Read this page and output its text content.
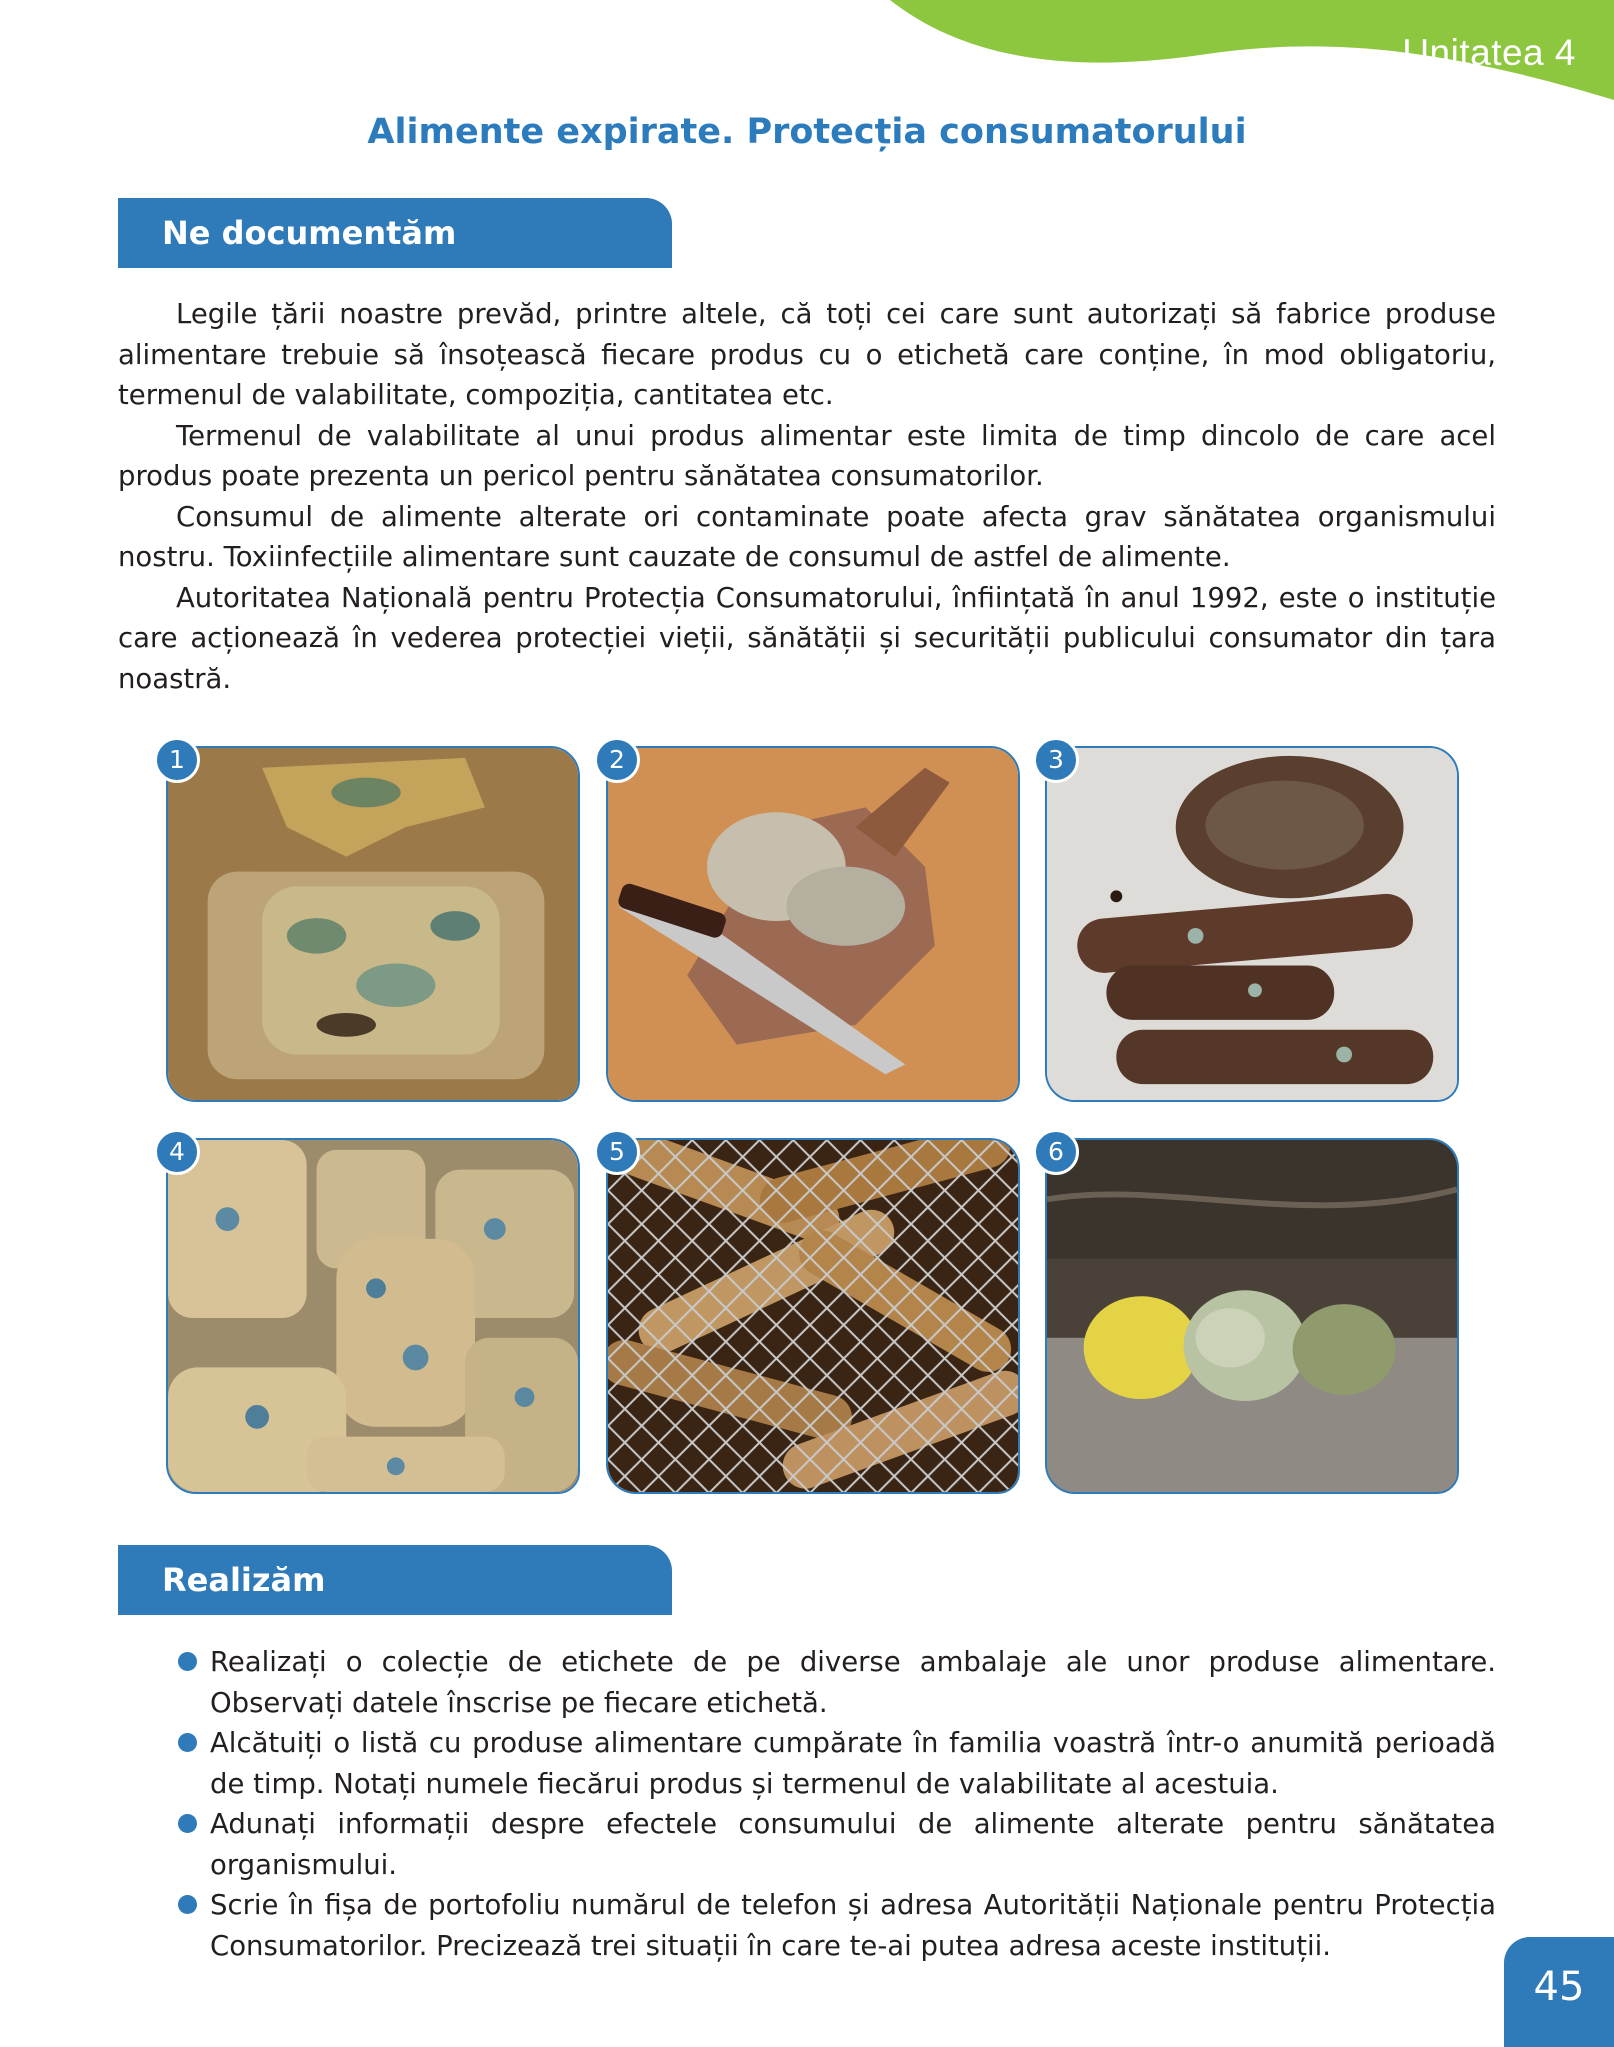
Unitatea 4
Alimente expirate. Protecția consumatorului
Ne documentăm

Legile țării noastre prevăd, printre altele, că toți cei care sunt autorizați să fabrice produse alimentare trebuie să însoțească fiecare produs cu o etichetă care conține, în mod obligatoriu, termenul de valabilitate, compoziția, cantitatea etc.

Termenul de valabilitate al unui produs alimentar este limita de timp dincolo de care acel produs poate prezenta un pericol pentru sănătatea consumatorilor.

Consumul de alimente alterate ori contaminate poate afecta grav sănătatea organismului nostru. Toxiinfecțiile alimentare sunt cauzate de consumul de astfel de alimente.

Autoritatea Națională pentru Protecția Consumatorului, înființată în anul 1992, este o instituție care acționează în vederea protecției vieții, sănătății și securității publicului consumator din țara noastră.

1	2	3
4	5	6
Realizăm
Realizați o colecție de etichete de pe diverse ambalaje ale unor produse alimentare. Observați datele înscrise pe fiecare etichetă.
Alcătuiți o listă cu produse alimentare cumpărate în familia voastră într-o anumită perioadă de timp. Notați numele fiecărui produs și termenul de valabilitate al acestuia.
Adunați informații despre efectele consumului de alimente alterate pentru sănătatea organismului.
Scrie în fișa de portofoliu numărul de telefon și adresa Autorității Naționale pentru Protecția Consumatorilor. Precizează trei situații în care te-ai putea adresa aceste instituții.
45
